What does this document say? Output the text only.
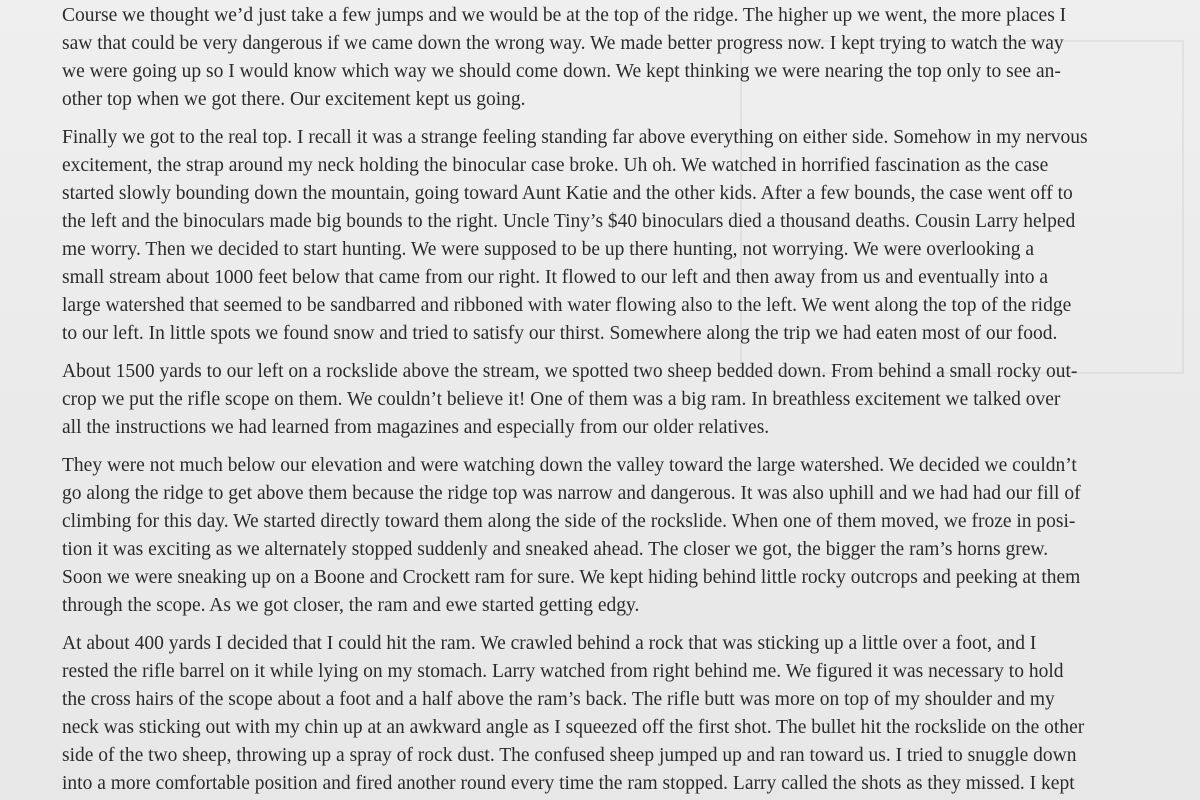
Course we thought we’d just take a few jumps and we would be at the top of the ridge. The higher up we went, the more places I
saw that could be very dangerous if we came down the wrong way. We made better progress now. I kept trying to watch the way
we were going up so I would know which way we should come down. We kept thinking we were nearing the top only to see an-
other top when we got there. Our excitement kept us going.

Finally we got to the real top. I recall it was a strange feeling standing far above everything on either side. Somehow in my nervous
excitement, the strap around my neck holding the binocular case broke. Uh oh. We watched in horrified fascination as the case
started slowly bounding down the mountain, going toward Aunt Katie and the other kids. After a few bounds, the case went off to
the left and the binoculars made big bounds to the right. Uncle Tiny’s $40 binoculars died a thousand deaths. Cousin Larry helped
me worry. Then we decided to start hunting. We were supposed to be up there hunting, not worrying. We were overlooking a
small stream about 1000 feet below that came from our right. It flowed to our left and then away from us and eventually into a
large watershed that seemed to be sandbarred and ribboned with water flowing also to the left. We went along the top of the ridge
to our left. In little spots we found snow and tried to satisfy our thirst. Somewhere along the trip we had eaten most of our food.

About 1500 yards to our left on a rockslide above the stream, we spotted two sheep bedded down. From behind a small rocky out-
crop we put the rifle scope on them. We couldn’t believe it! One of them was a big ram. In breathless excitement we talked over
all the instructions we had learned from magazines and especially from our older relatives.

They were not much below our elevation and were watching down the valley toward the large watershed. We decided we couldn’t
go along the ridge to get above them because the ridge top was narrow and dangerous. It was also uphill and we had had our fill of
climbing for this day. We started directly toward them along the side of the rockslide. When one of them moved, we froze in posi-
tion it was exciting as we alternately stopped suddenly and sneaked ahead. The closer we got, the bigger the ram’s horns grew.
Soon we were sneaking up on a Boone and Crockett ram for sure. We kept hiding behind little rocky outcrops and peeking at them
through the scope. As we got closer, the ram and ewe started getting edgy.

At about 400 yards I decided that I could hit the ram. We crawled behind a rock that was sticking up a little over a foot, and I
rested the rifle barrel on it while lying on my stomach. Larry watched from right behind me. We figured it was necessary to hold
the cross hairs of the scope about a foot and a half above the ram’s back. The rifle butt was more on top of my shoulder and my
neck was sticking out with my chin up at an awkward angle as I squeezed off the first shot. The bullet hit the rockslide on the other
side of the two sheep, throwing up a spray of rock dust. The confused sheep jumped up and ran toward us. I tried to snuggle down
into a more comfortable position and fired another round every time the ram stopped. Larry called the shots as they missed. I kept
